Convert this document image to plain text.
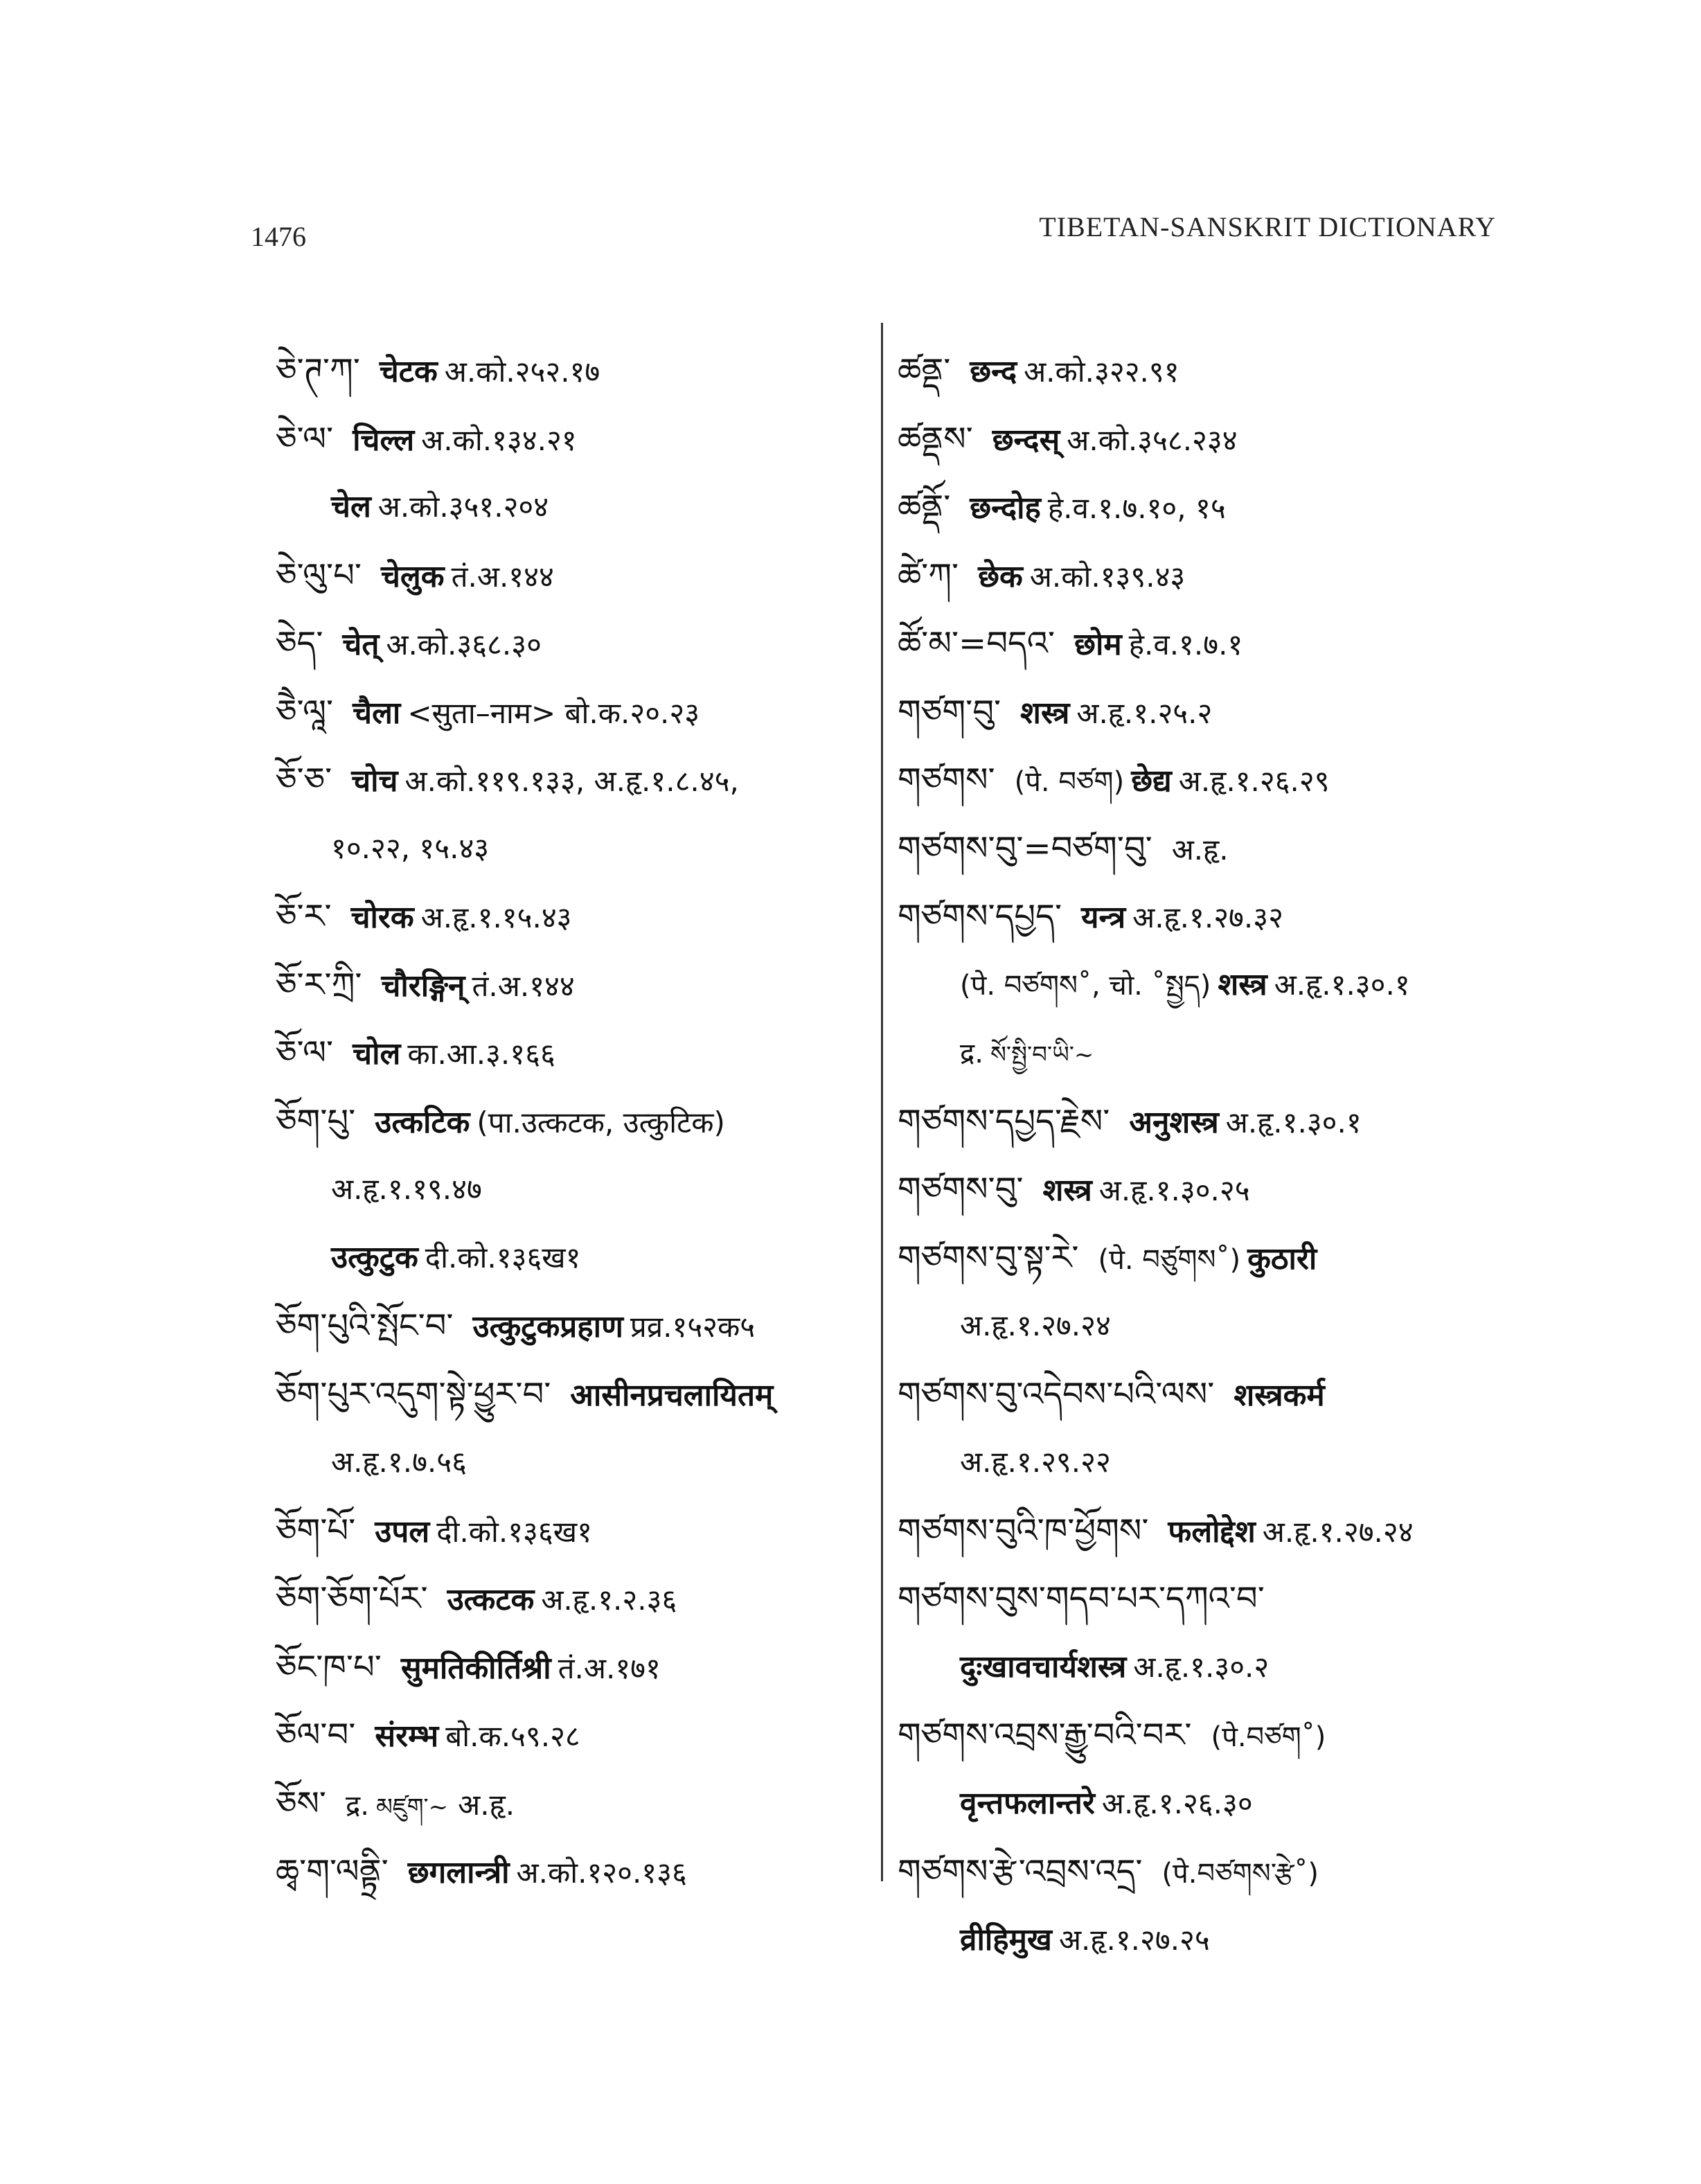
1476	TIBETAN-SANSKRIT DICTIONARY
ཅེ་ཊ་ཀ་ चेटक अ.को.२५२.१७
ཅེ་ལ་ चिल्ल अ.को.१३४.२१
चेल अ.को.३५१.२०४
ཅེ་ལུ་པ་ चेलुक तं.अ.१४४
ཅེད་ चेत् अ.को.३६८.३०
ཅཻ་ལཱ་ चैला <सुता–नाम> बो.क.२०.२३
ཅོ་ཅ་ चोच अ.को.११९.१३३, अ.हृ.१.८.४५,
१०.२२, १५.४३
ཅོ་ར་ चोरक अ.हृ.१.१५.४३
ཅོ་ར་ཀྲི་ चौरङ्गिन् तं.अ.१४४
ཅོ་ལ་ चोल का.आ.३.१६६
ཅོག་པུ་ उत्कटिक (पा.उत्कटक, उत्कुटिक)
अ.हृ.१.१९.४७
उत्कुटुक दी.को.१३६ख१
ཅོག་པུའི་སྤོང་བ་ उत्कुटुकप्रहाण प्रव्र.१५२क५
ཅོག་པུར་འདུག་སྟེ་ཕྱུར་བ་ आसीनप्रचलायितम्
अ.हृ.१.७.५६
ཅོག་པོ་ उपल दी.को.१३६ख१
ཅོག་ཅོག་པོར་ उत्कटक अ.हृ.१.२.३६
ཅོང་ཁ་པ་ सुमतिकीर्तिश्री तं.अ.१७१
ཅོལ་བ་ संरम्भ बो.क.५९.२८
ཅོས་ द्र. མཛུག་~ अ.हृ.
ཆྭ་ག་ལནྟྲི་ छगलान्त्री अ.को.१२०.१३६
ཚནྡ་ छन्द अ.को.३२२.९१
ཚནྡས་ छन्दस् अ.को.३५८.२३४
ཚནྡོ་ छन्दोह हे.व.१.७.१०, १५
ཚེ་ཀ་ छेक अ.को.१३९.४३
ཚོ་མ་=བདའ་ छोम हे.व.१.७.१
གཙག་བུ་ शस्त्र अ.हृ.१.२५.२
གཙགས་ (पे. བཙག) छेद्य अ.हृ.१.२६.२९
གཙགས་བུ་=བཙག་བུ་ अ.हृ.
གཙགས་དཔྱད་ यन्त्र अ.हृ.१.२७.३२
(पे. བཙགས˚, चो. ˚སྤྱད) शस्त्र अ.हृ.१.३०.१
द्र. སོ་སྤྱི་བ་ཡི་~
གཙགས་དཔྱད་རྗེས་ अनुशस्त्र अ.हृ.१.३०.१
གཙགས་བུ་ शस्त्र अ.हृ.१.३०.२५
གཙགས་བུ་སྟ་རེ་ (पे. བཙུགས˚) कुठारी
अ.हृ.१.२७.२४
གཙགས་བུ་འདེབས་པའི་ལས་ शस्त्रकर्म
अ.हृ.१.२९.२२
གཙགས་བུའི་ཁ་ཕྱོགས་ फलोद्देश अ.हृ.१.२७.२४
གཙགས་བུས་གདབ་པར་དཀའ་བ་
दुःखावचार्यशस्त्र अ.हृ.१.३०.२
གཙགས་འབྲས་རྒྱུ་བའི་བར་ (पे.བཙག˚)
वृन्तफलान्तरे अ.हृ.१.२६.३०
གཙགས་རྩེ་འབྲས་འདྲ་ (पे.བཙགས་རྩེ˚)
व्रीहिमुख अ.हृ.१.२७.२५
